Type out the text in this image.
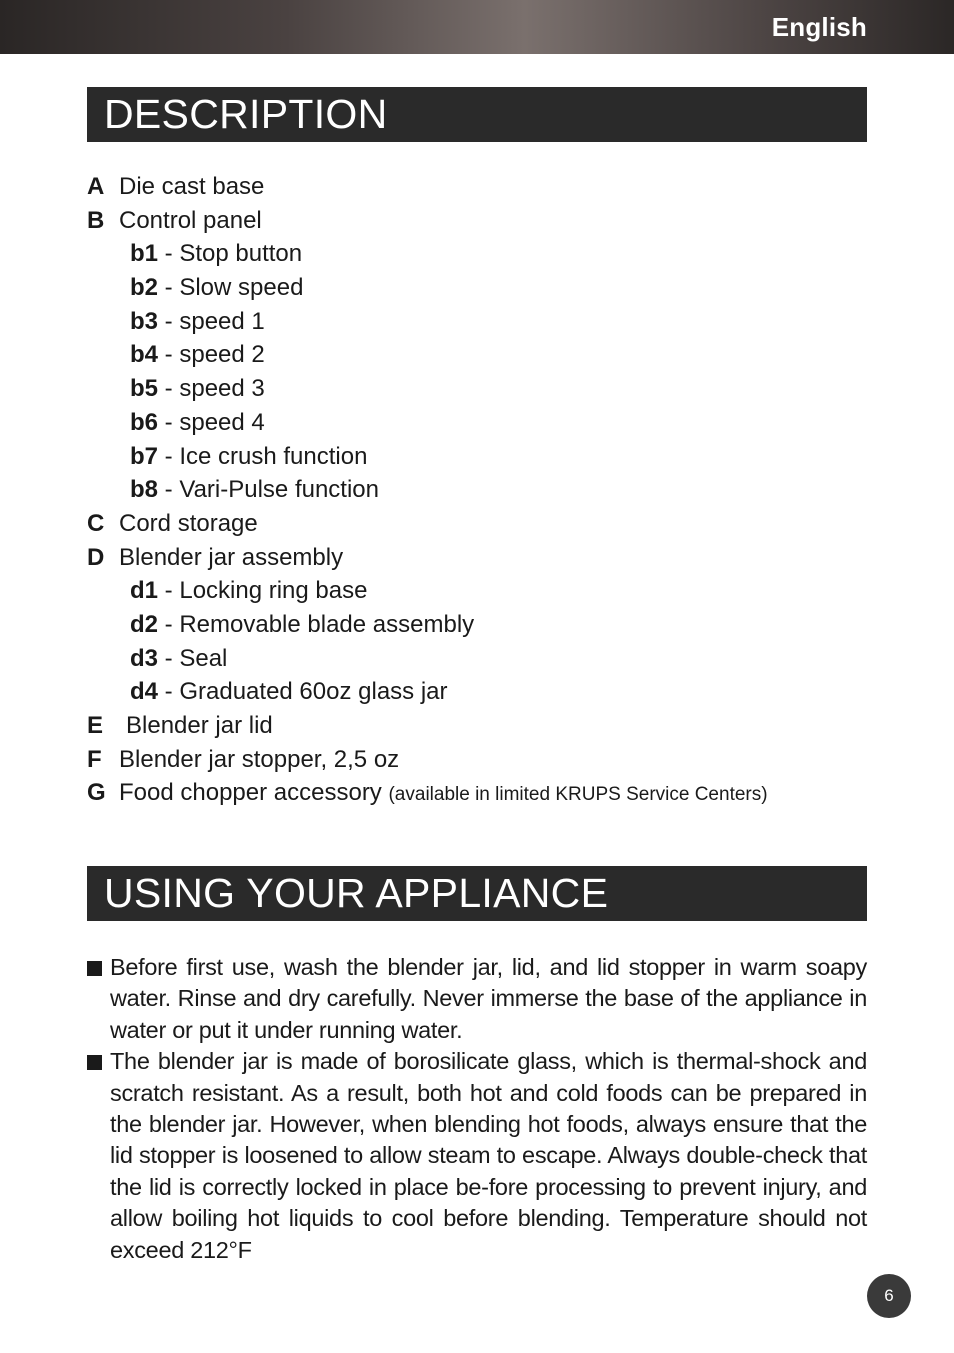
English
DESCRIPTION
A Die cast base
B Control panel
b1 - Stop button
b2 - Slow speed
b3 - speed 1
b4 - speed 2
b5 - speed 3
b6 - speed 4
b7 - Ice crush function
b8 - Vari-Pulse function
C Cord storage
D Blender jar assembly
d1 - Locking ring base
d2 - Removable blade assembly
d3 - Seal
d4 - Graduated 60oz glass jar
E Blender jar lid
F Blender jar stopper, 2,5 oz
G Food chopper accessory (available in limited KRUPS Service Centers)
USING YOUR APPLIANCE
Before first use, wash the blender jar, lid, and lid stopper in warm soapy water. Rinse and dry carefully. Never immerse the base of the appliance in water or put it under running water.
The blender jar is made of borosilicate glass, which is thermal-shock and scratch resistant. As a result, both hot and cold foods can be prepared in the blender jar. However, when blending hot foods, always ensure that the lid stopper is loosened to allow steam to escape. Always double-check that the lid is correctly locked in place be-fore processing to prevent injury, and allow boiling hot liquids to cool before blending. Temperature should not exceed 212°F
6
